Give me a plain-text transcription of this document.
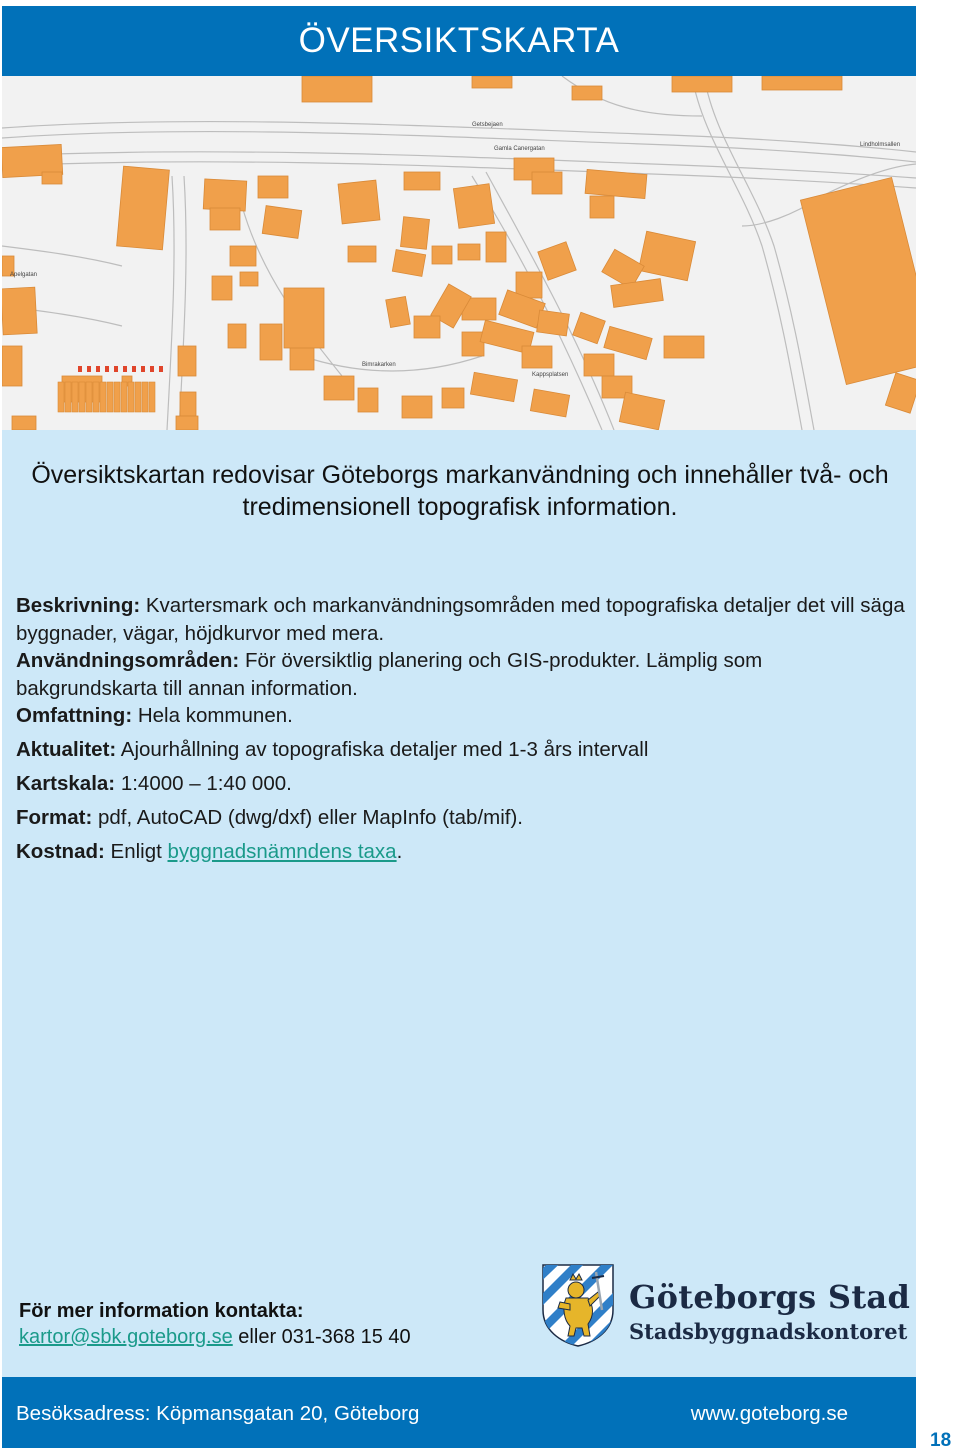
ÖVERSIKTSKARTA
Getsbejaen
Gamla Canergatan
Lindholmsallen
Apelgatan
Bimrakarken
Kappsplatsen
Översiktskartan redovisar Göteborgs markanvändning och innehåller två- och tredimensionell topografisk information.
Beskrivning: Kvartersmark och markanvändningsområden med topografiska detaljer det vill säga byggnader, vägar, höjdkurvor med mera.
Användningsområden: För översiktlig planering och GIS-produkter. Lämplig som bakgrundskarta till annan information.
Omfattning: Hela kommunen.
Aktualitet: Ajourhållning av topografiska detaljer med 1-3 års intervall
Kartskala: 1:4000 – 1:40 000.
Format: pdf, AutoCAD (dwg/dxf) eller MapInfo (tab/mif).
Kostnad: Enligt byggnadsnämndens taxa.
För mer information kontakta:
kartor@sbk.goteborg.se eller 031-368 15 40
Göteborgs Stad
Stadsbyggnadskontoret
Besöksadress: Köpmansgatan 20, Göteborg	www.goteborg.se
18
